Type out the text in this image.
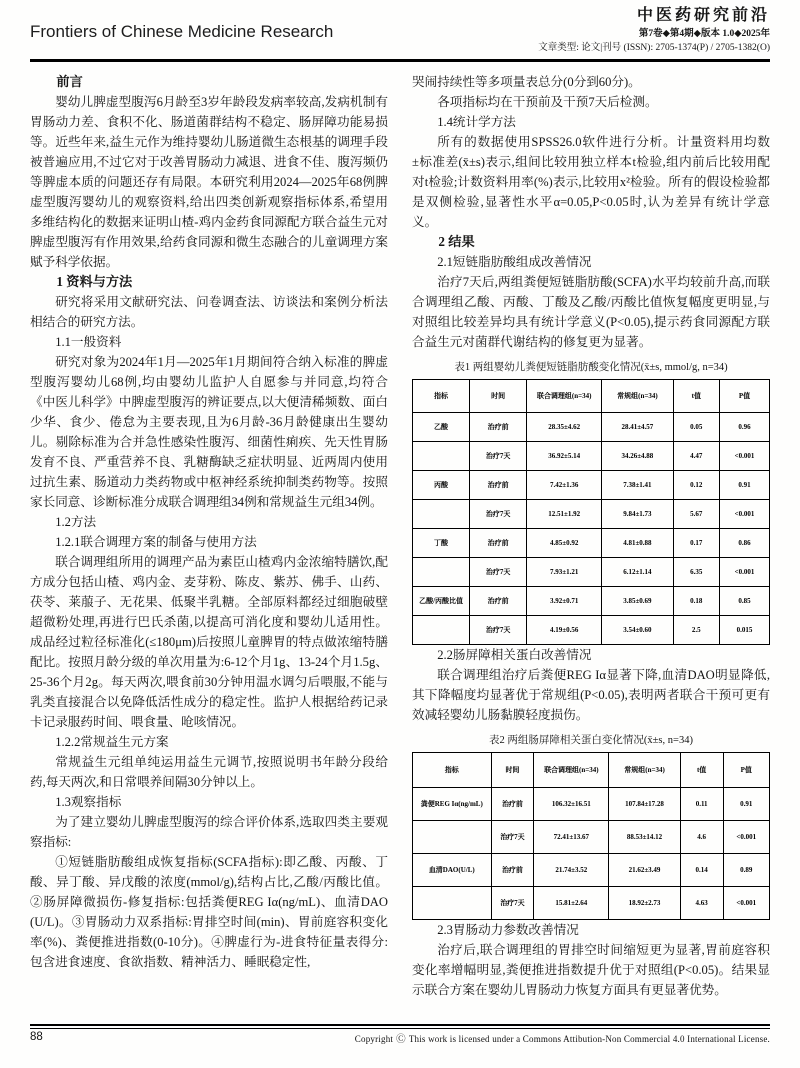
Frontiers of Chinese Medicine Research
中医药研究前沿
第7卷◆第4期◆版本 1.0◆2025年
文章类型: 论文|刊号 (ISSN): 2705-1374(P) / 2705-1382(O)

前言

婴幼儿脾虚型腹泻6月龄至3岁年龄段发病率较高,发病机制有胃肠动力差、食积不化、肠道菌群结构不稳定、肠屏障功能易损等。近些年来,益生元作为维持婴幼儿肠道微生态根基的调理手段被普遍应用,不过它对于改善胃肠动力减退、进食不佳、腹泻频仍等脾虚本质的问题还存有局限。本研究利用2024—2025年68例脾虚型腹泻婴幼儿的观察资料,给出四类创新观察指标体系,希望用多维结构化的数据来证明山楂-鸡内金药食同源配方联合益生元对脾虚型腹泻有作用效果,给药食同源和微生态融合的儿童调理方案赋予科学依据。

1 资料与方法

研究将采用文献研究法、问卷调查法、访谈法和案例分析法相结合的研究方法。

1.1一般资料

研究对象为2024年1月—2025年1月期间符合纳入标准的脾虚型腹泻婴幼儿68例,均由婴幼儿监护人自愿参与并同意,均符合《中医儿科学》中脾虚型腹泻的辨证要点,以大便清稀频数、面白少华、食少、倦怠为主要表现,且为6月龄-36月龄健康出生婴幼儿。剔除标准为合并急性感染性腹泻、细菌性痢疾、先天性胃肠发育不良、严重营养不良、乳糖酶缺乏症状明显、近两周内使用过抗生素、肠道动力类药物或中枢神经系统抑制类药物等。按照家长同意、诊断标准分成联合调理组34例和常规益生元组34例。

1.2方法

1.2.1联合调理方案的制备与使用方法

联合调理组所用的调理产品为素臣山楂鸡内金浓缩特膳饮,配方成分包括山楂、鸡内金、麦芽粉、陈皮、紫苏、佛手、山药、茯苓、莱菔子、无花果、低聚半乳糖。全部原料都经过细胞破壁超微粉处理,再进行巴氏杀菌,以提高可消化度和婴幼儿适用性。成品经过粒径标准化(≤180μm)后按照儿童脾胃的特点做浓缩特膳配比。按照月龄分级的单次用量为:6-12个月1g、13-24个月1.5g、25-36个月2g。每天两次,喂食前30分钟用温水调匀后喂服,不能与乳类直接混合以免降低活性成分的稳定性。监护人根据给药记录卡记录服药时间、喂食量、呛咳情况。

1.2.2常规益生元方案

常规益生元组单纯运用益生元调节,按照说明书年龄分段给药,每天两次,和日常喂养间隔30分钟以上。

1.3观察指标

为了建立婴幼儿脾虚型腹泻的综合评价体系,选取四类主要观察指标:

①短链脂肪酸组成恢复指标(SCFA指标):即乙酸、丙酸、丁酸、异丁酸、异戊酸的浓度(mmol/g),结构占比,乙酸/丙酸比值。②肠屏障微损伤-修复指标:包括粪便REG Iα(ng/mL)、血清DAO(U/L)。③胃肠动力双系指标:胃排空时间(min)、胃前庭容积变化率(%)、粪便推进指数(0-10分)。④脾虚行为-进食特征量表得分:包含进食速度、食欲指数、精神活力、睡眠稳定性,

哭闹持续性等多项量表总分(0分到60分)。

各项指标均在干预前及干预7天后检测。

1.4统计学方法

所有的数据使用SPSS26.0软件进行分析。计量资料用均数±标准差(x̄±s)表示,组间比较用独立样本t检验,组内前后比较用配对t检验;计数资料用率(%)表示,比较用x²检验。所有的假设检验都是双侧检验,显著性水平α=0.05,P<0.05时,认为差异有统计学意义。

2 结果

2.1短链脂肪酸组成改善情况

治疗7天后,两组粪便短链脂肪酸(SCFA)水平均较前升高,而联合调理组乙酸、丙酸、丁酸及乙酸/丙酸比值恢复幅度更明显,与对照组比较差异均具有统计学意义(P<0.05),提示药食同源配方联合益生元对菌群代谢结构的修复更为显著。

表1 两组婴幼儿粪便短链脂肪酸变化情况(x̄±s, mmol/g, n=34)
指标	时间	联合调理组(n=34)	常规组(n=34)	t值	P值
乙酸	治疗前	28.35±4.62	28.41±4.57	0.05	0.96
	治疗7天	36.92±5.14	34.26±4.88	4.47	<0.001
丙酸	治疗前	7.42±1.36	7.38±1.41	0.12	0.91
	治疗7天	12.51±1.92	9.84±1.73	5.67	<0.001
丁酸	治疗前	4.85±0.92	4.81±0.88	0.17	0.86
	治疗7天	7.93±1.21	6.12±1.14	6.35	<0.001
乙酸/丙酸比值	治疗前	3.92±0.71	3.85±0.69	0.18	0.85
	治疗7天	4.19±0.56	3.54±0.60	2.5	0.015

2.2肠屏障相关蛋白改善情况

联合调理组治疗后粪便REG Iα显著下降,血清DAO明显降低,其下降幅度均显著优于常规组(P<0.05),表明两者联合干预可更有效减轻婴幼儿肠黏膜轻度损伤。

表2 两组肠屏障相关蛋白变化情况(x̄±s, n=34)
指标	时间	联合调理组(n=34)	常规组(n=34)	t值	P值
粪便REG Iα(ng/mL)	治疗前	106.32±16.51	107.84±17.28	0.11	0.91
	治疗7天	72.41±13.67	88.53±14.12	4.6	<0.001
血清DAO(U/L)	治疗前	21.74±3.52	21.62±3.49	0.14	0.89
	治疗7天	15.81±2.64	18.92±2.73	4.63	<0.001

2.3胃肠动力参数改善情况

治疗后,联合调理组的胃排空时间缩短更为显著,胃前庭容积变化率增幅明显,粪便推进指数提升优于对照组(P<0.05)。结果显示联合方案在婴幼儿胃肠动力恢复方面具有更显著优势。

88	Copyright Ⓒ This work is licensed under a Commons Attibution-Non Commercial 4.0 International License.
